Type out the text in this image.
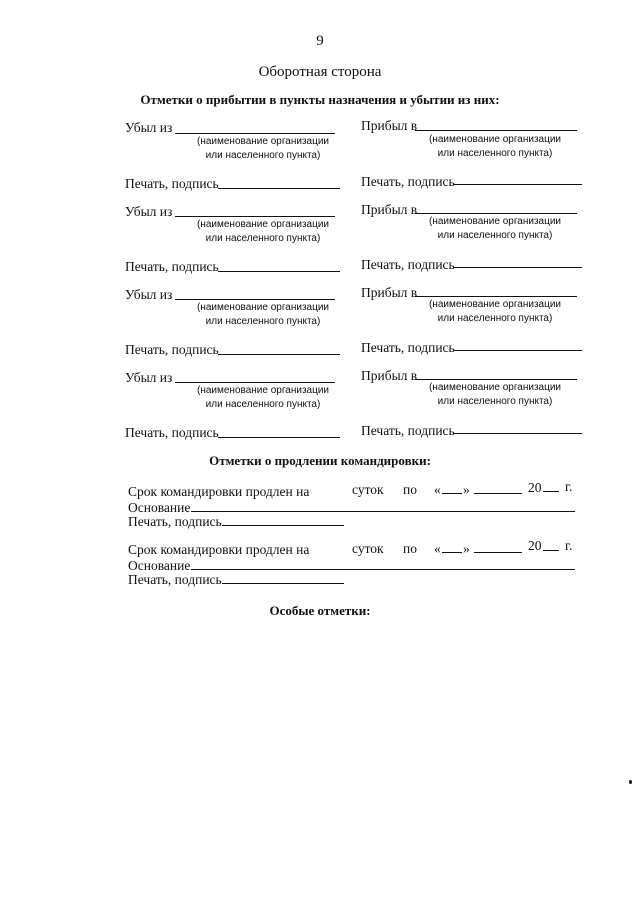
9
Оборотная сторона
Отметки о прибытии в пункты назначения и убытии из них:
Убыл из
(наименование организации
или населенного пункта)
Прибыл в
(наименование организации
или населенного пункта)
Печать, подпись	Печать, подпись
Убыл из
(наименование организации
или населенного пункта)
Прибыл в
(наименование организации
или населенного пункта)
Печать, подпись	Печать, подпись
Убыл из
(наименование организации
или населенного пункта)
Прибыл в
(наименование организации
или населенного пункта)
Печать, подпись	Печать, подпись
Убыл из
(наименование организации
или населенного пункта)
Прибыл в
(наименование организации
или населенного пункта)
Печать, подпись	Печать, подпись
Отметки о продлении командировки:
Срок командировки продлен на	суток по « »	20 г.
Основание
Печать, подпись
Срок командировки продлен на	суток по « »	20 г.
Основание
Печать, подпись
Особые отметки:
